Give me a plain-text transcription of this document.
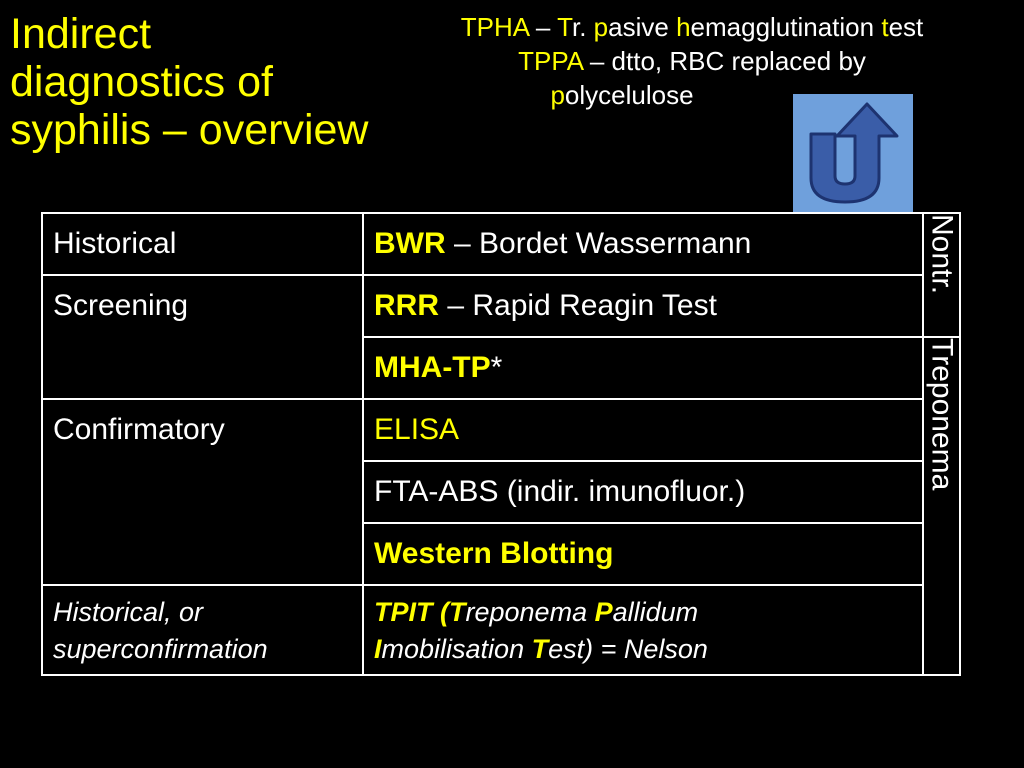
Indirect
diagnostics of
syphilis – overview
TPHA – Tr. pasive hemagglutination test
TPPA – dtto, RBC replaced by
polycelulose
Historical	BWR – Bordet Wassermann	Nontr.

Screening	RRR – Rapid Reagin Test	

	MHA-TP*	Treponema

Confirmatory	ELISA	

	FTA-ABS (indir. imunofluor.)	

	Western Blotting	

Historical, or superconfirmation	TPIT (Treponema Pallidum
Imobilisation Test) = Nelson	
